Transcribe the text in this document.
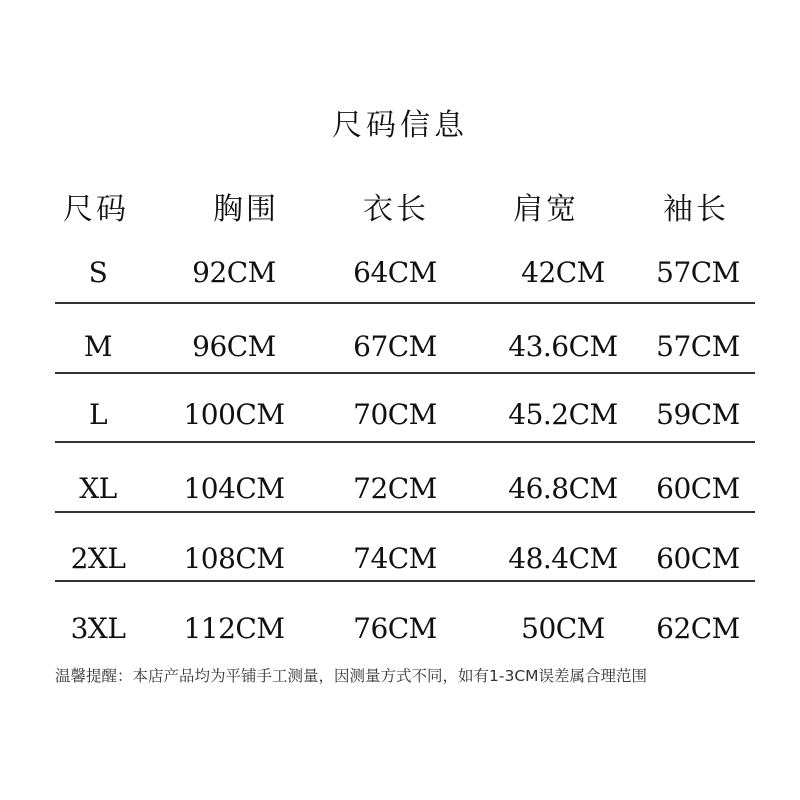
尺码信息
尺码	胸围	衣长	肩宽	袖长
S	92CM	64CM	42CM	57CM
M	96CM	67CM	43.6CM	57CM
L	100CM	70CM	45.2CM	59CM
XL	104CM	72CM	46.8CM	60CM
2XL	108CM	74CM	48.4CM	60CM
3XL	112CM	76CM	50CM	62CM
温馨提醒：本店产品均为平铺手工测量，因测量方式不同，如有1-3CM误差属合理范围
